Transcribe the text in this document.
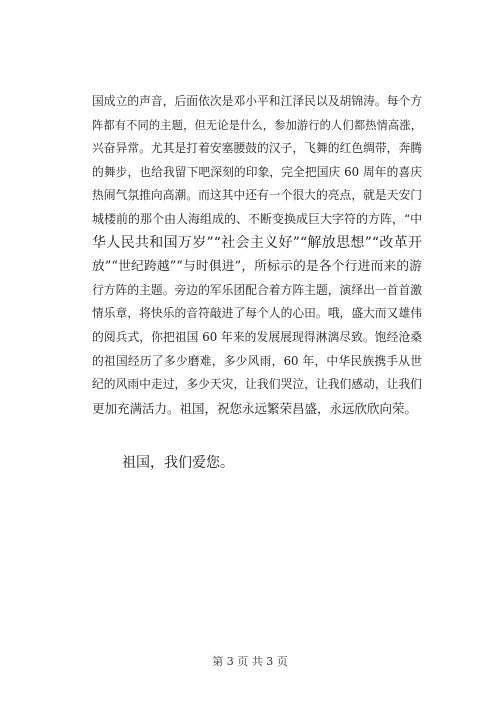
国成立的声音，后面依次是邓小平和江泽民以及胡锦涛。每个方
阵都有不同的主题，但无论是什么，参加游行的人们都热情高涨，
兴奋异常。尤其是打着安塞腰鼓的汉子，飞舞的红色绸带，奔腾
的舞步，也给我留下吧深刻的印象，完全把国庆 60 周年的喜庆
热闹气氛推向高潮。而这其中还有一个很大的亮点，就是天安门
城楼前的那个由人海组成的、不断变换成巨大字符的方阵，“中
华人民共和国万岁”“社会主义好”“解放思想”“改革开
放”“世纪跨越”“与时俱进”，所标示的是各个行进而来的游
行方阵的主题。旁边的军乐团配合着方阵主题，演绎出一首首激
情乐章，将快乐的音符敲进了每个人的心田。哦，盛大而又雄伟
的阅兵式，你把祖国 60 年来的发展展现得淋漓尽致。饱经沧桑
的祖国经历了多少磨难，多少风雨，60 年，中华民族携手从世
纪的风雨中走过，多少天灾，让我们哭泣，让我们感动，让我们
更加充满活力。祖国，祝您永远繁荣昌盛，永远欣欣向荣。
祖国，我们爱您。
第 3 页 共 3 页
